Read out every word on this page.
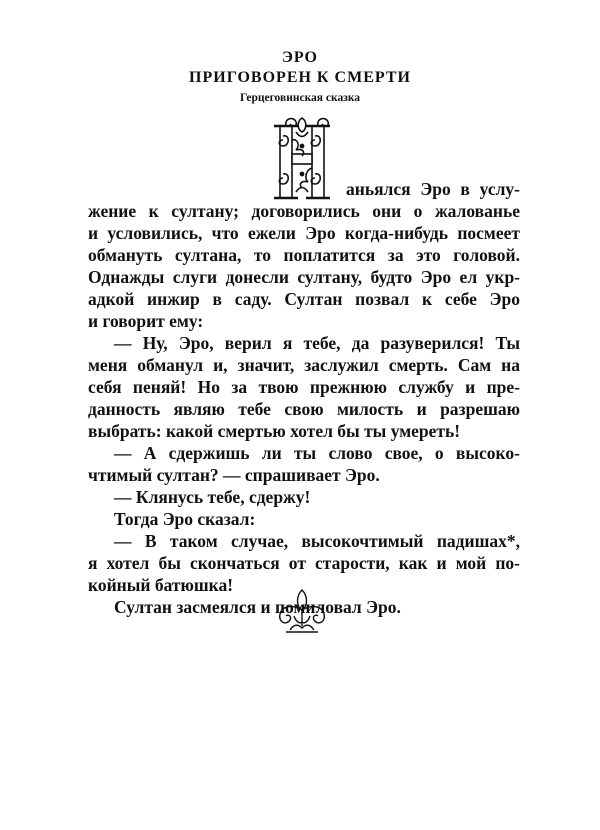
ЭРО
ПРИГОВОРЕН К СМЕРТИ
Герцеговинская сказка
аньялся Эро в услу-
жение к султану; договорились они о жалованье
и условились, что ежели Эро когда-нибудь посмеет
обмануть султана, то поплатится за это головой.
Однажды слуги донесли султану, будто Эро ел укр-
адкой инжир в саду. Султан позвал к себе Эро
и говорит ему:
— Ну, Эро, верил я тебе, да разуверился! Ты
меня обманул и, значит, заслужил смерть. Сам на
себя пеняй! Но за твою прежнюю службу и пре-
данность являю тебе свою милость и разрешаю
выбрать: какой смертью хотел бы ты умереть!
— А сдержишь ли ты слово свое, о высоко-
чтимый султан? — спрашивает Эро.
— Клянусь тебе, сдержу!
Тогда Эро сказал:
— В таком случае, высокочтимый падишах*,
я хотел бы скончаться от старости, как и мой по-
койный батюшка!
Султан засмеялся и помиловал Эро.
